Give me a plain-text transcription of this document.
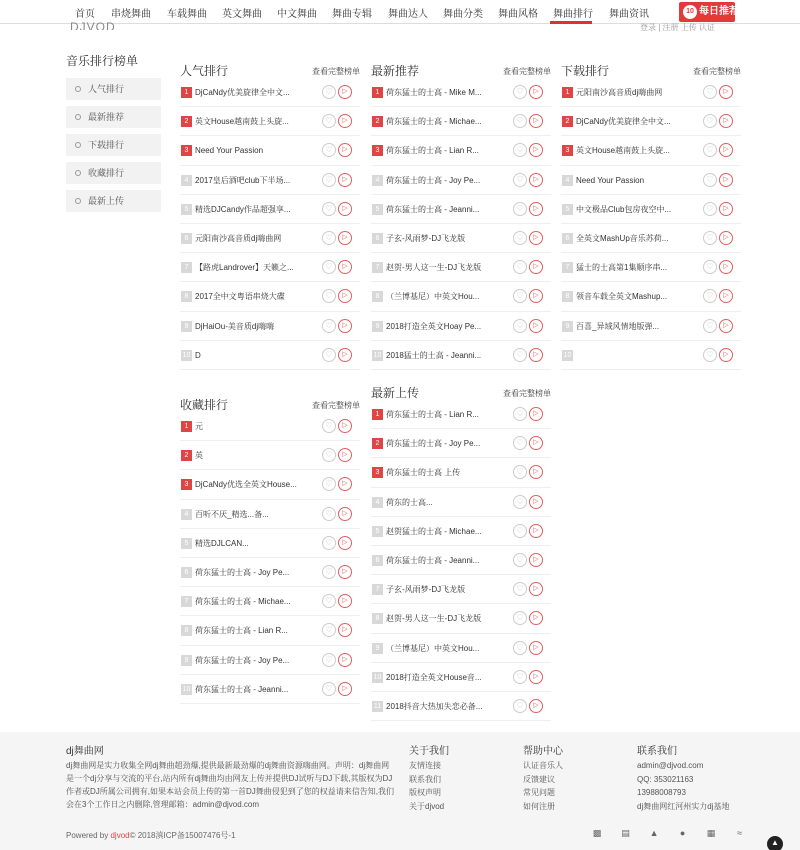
首页 串烧舞曲 车载舞曲 英文舞曲 中文舞曲 舞曲专辑 舞曲达人 舞曲分类 舞曲风格 舞曲排行 舞曲资讯	10 每日推荐
DJVOD	登录 | 注册 上传 认证
音乐排行榜单
人气排行
最新推荐
下载排行
收藏排行
最新上传
人气排行	查看完整榜单
1 DjCaNdy优美旋律全中文...	♡	▷
2 英文House越南鼓上头旋...	♡	▷
3 Need Your Passion	♡	▷
4 2017皇后酒吧club下半场...	♡	▷
5 精选DJCandy作品超强享...	♡	▷
6 元阳南沙高音质dj嗨曲网	♡	▷
7 【路虎Landrover】天籁之...	♡	▷
8 2017全中文粤语串烧大碟	♡	▷
9 DjHaiOu-美音质dj嗨嗨	♡	▷
10 D	♡	▷
最新推荐	查看完整榜单
1 荷东猛士的士高 - Mike M...	♡	▷
2 荷东猛士的士高 - Michae...	♡	▷
3 荷东猛士的士高 - Lian R...	♡	▷
4 荷东猛士的士高 - Joy Pe...	♡	▷
5 荷东猛士的士高 - Jeanni...	♡	▷
6 子玄-风雨梦-DJ飞龙版	♡	▷
7 赵贺-男人这一生-DJ飞龙版	♡	▷
8 （兰博基尼）中英文Hou...	♡	▷
9 2018打造全英文Hoay Pe...	♡	▷
10 2018猛士的士高 - Jeanni...	♡	▷
下载排行	查看完整榜单
1 元阳南沙高音质dj嗨曲网	♡	▷
2 DjCaNdy优美旋律全中文...	♡	▷
3 英文House越南鼓上头旋...	♡	▷
4 Need Your Passion	♡	▷
5 中文极品Club包房夜空中...	♡	▷
6 全英文MashUp音乐苏荷...	♡	▷
7 猛士的士高第1集顺序串...	♡	▷
8 领音车载全英文Mashup...	♡	▷
9 百喜_异域风情地版弹...	♡	▷
10	♡	▷
收藏排行	查看完整榜单
1 元	♡	▷
2 英	♡	▷
3 DjCaNdy优选全英文House...	♡	▷
4 百听不厌_精选...备...	♡	▷
5 精选DJLCAN...	♡	▷
6 荷东猛士的士高 - Joy Pe...	♡	▷
7 荷东猛士的士高 - Michae...	♡	▷
8 荷东猛士的士高 - Lian R...	♡	▷
9 荷东猛士的士高 - Joy Pe...	♡	▷
10 荷东猛士的士高 - Jeanni...	♡	▷
最新上传	查看完整榜单
1 荷东猛士的士高 - Lian R...	♡	▷
2 荷东猛士的士高 - Joy Pe...	♡	▷
3 荷东猛士的士高 上传	♡	▷
4 荷东的士高...	♡	▷
5 赵贺猛士的士高 - Michae...	♡	▷
6 荷东猛士的士高 - Jeanni...	♡	▷
7 子玄-风雨梦-DJ飞龙版	♡	▷
8 赵贺-男人这一生-DJ飞龙版	♡	▷
9 （兰博基尼）中英文Hou...	♡	▷
10 2018打造全英文House音...	♡	▷
11 2018抖音大热加失恋必备...	♡	▷
dj舞曲网
dj舞曲网是实力收集全网dj舞曲超劲爆,提供最新最劲爆的dj舞曲资源嗨曲网。声明：dj舞曲网是一个dj分享与交流的平台,站内所有dj舞曲均由网友上传并提供DJ试听与DJ下载,其版权为DJ作者或DJ所属公司拥有,如果本站会员上传的第一首DJ舞曲侵犯到了您的权益请来信告知,我们会在3个工作日之内删除,管理邮箱：admin@djvod.com
关于我们
友情连接
联系我们
版权声明
关于djvod
帮助中心
认证音乐人
反馈建议
常见问题
如何注册
联系我们
admin@djvod.com
QQ: 353021163
13988008793
dj舞曲网红河州实力dj基地
Powered by djvod© 2018滇ICP备15007476号-1	▩ ▤ ▲ ● ▦ ≈
▲
